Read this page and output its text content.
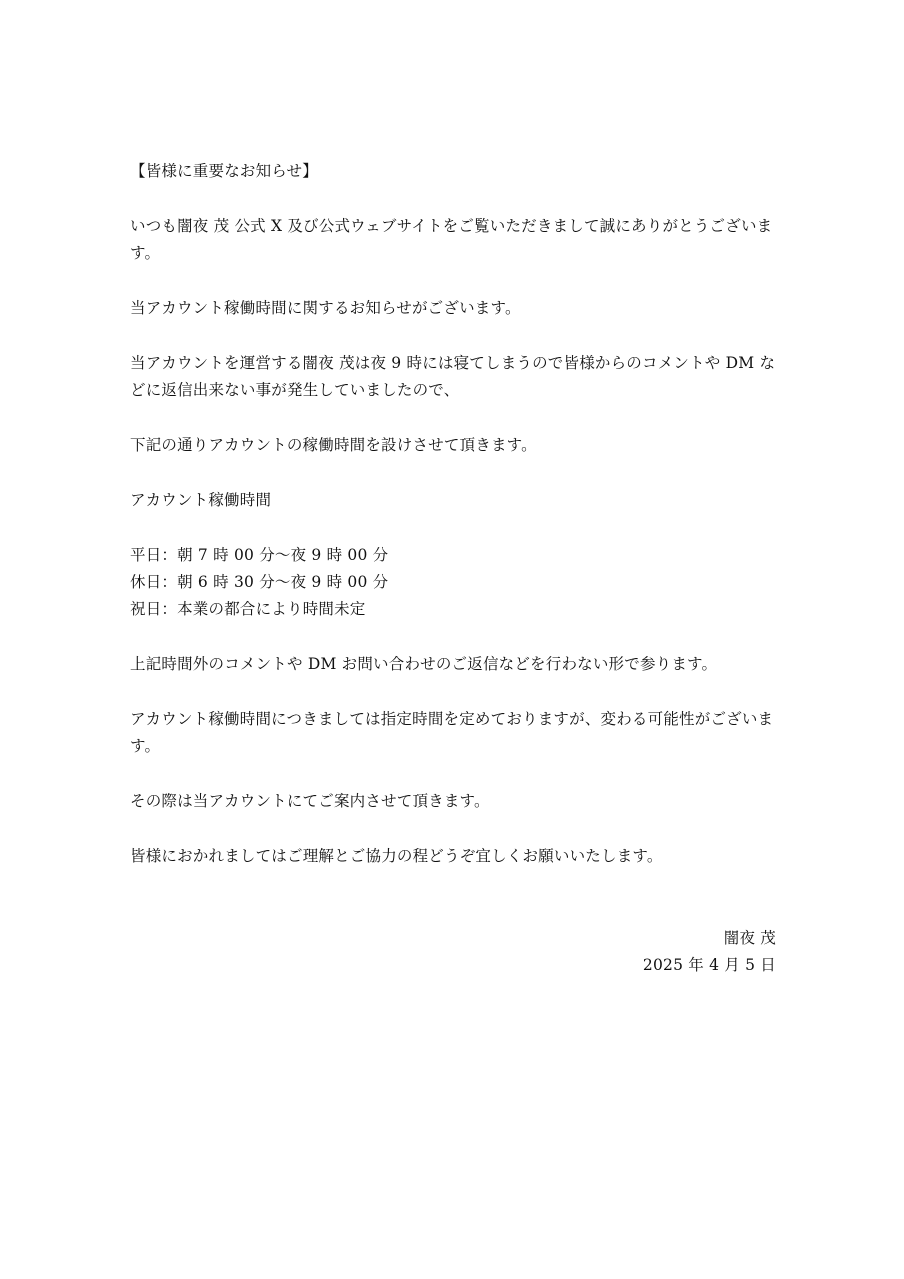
【皆様に重要なお知らせ】

いつも闇夜 茂 公式 X 及び公式ウェブサイトをご覧いただきまして誠にありがとうございます。

当アカウント稼働時間に関するお知らせがございます。

当アカウントを運営する闇夜 茂は夜 9 時には寝てしまうので皆様からのコメントや DM などに返信出来ない事が発生していましたので、

下記の通りアカウントの稼働時間を設けさせて頂きます。

アカウント稼働時間

平日：朝 7 時 00 分〜夜 9 時 00 分
休日：朝 6 時 30 分〜夜 9 時 00 分
祝日：本業の都合により時間未定

上記時間外のコメントや DM お問い合わせのご返信などを行わない形で参ります。

アカウント稼働時間につきましては指定時間を定めておりますが、変わる可能性がございます。

その際は当アカウントにてご案内させて頂きます。

皆様におかれましてはご理解とご協力の程どうぞ宜しくお願いいたします。

闇夜 茂
2025 年 4 月 5 日
